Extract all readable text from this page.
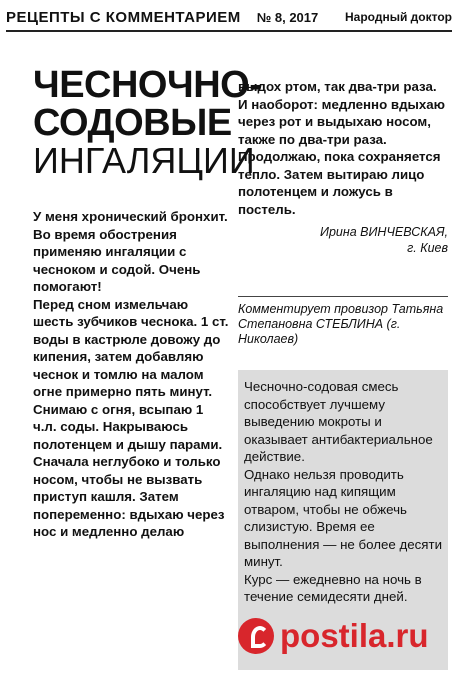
РЕЦЕПТЫ С КОММЕНТАРИЕМ № 8, 2017 Народный доктор
ЧЕСНОЧНО-
СОДОВЫЕ
ИНГАЛЯЦИИ

У меня хронический бронхит. Во время обострения применяю ингаляции с чесноком и содой. Очень помогают!

Перед сном измельчаю шесть зубчиков чеснока. 1 ст. воды в кастрюле довожу до кипения, затем добавляю чеснок и томлю на малом огне примерно пять минут. Снимаю с огня, всыпаю 1 ч.л. соды. Накрываюсь полотенцем и дышу парами.

Сначала неглубоко и только носом, чтобы не вызвать приступ кашля. Затем попеременно: вдыхаю через нос и медленно делаю

выдох ртом, так два-три раза. И наоборот: медленно вдыхаю через рот и выдыхаю носом, также по два-три раза. Продолжаю, пока сохраняется тепло. Затем вытираю лицо полотенцем и ложусь в постель.

Ирина ВИНЧЕВСКАЯ,

г. Киев

Комментирует провизор Татьяна Степановна СТЕБЛИНА (г. Николаев)

Чесночно-содовая смесь способствует лучшему выведению мокроты и оказывает антибактериальное действие.

Однако нельзя проводить ингаляцию над кипящим отваром, чтобы не обжечь слизистую. Время ее выполнения — не более десяти минут.

Курс — ежедневно на ночь в течение семидесяти дней.

postila.ru
